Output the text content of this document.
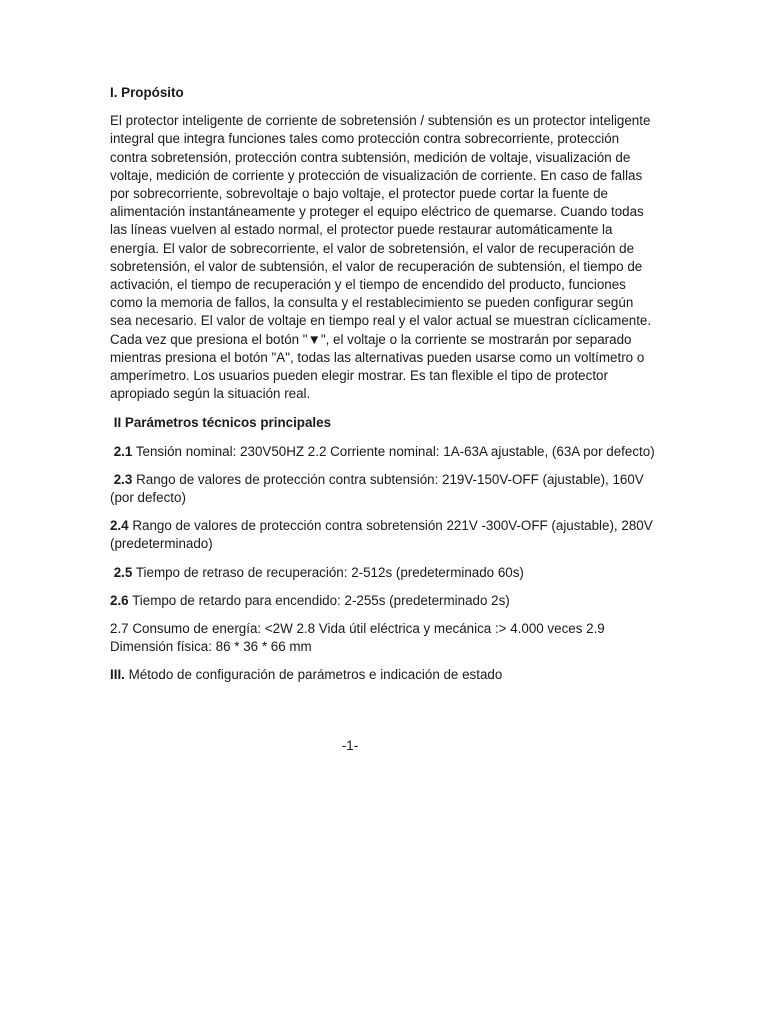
I. Propósito

El protector inteligente de corriente de sobretensión / subtensión es un protector inteligente integral que integra funciones tales como protección contra sobrecorriente, protección contra sobretensión, protección contra subtensión, medición de voltaje, visualización de voltaje, medición de corriente y protección de visualización de corriente. En caso de fallas por sobrecorriente, sobrevoltaje o bajo voltaje, el protector puede cortar la fuente de alimentación instantáneamente y proteger el equipo eléctrico de quemarse. Cuando todas las líneas vuelven al estado normal, el protector puede restaurar automáticamente la energía. El valor de sobrecorriente, el valor de sobretensión, el valor de recuperación de sobretensión, el valor de subtensión, el valor de recuperación de subtensión, el tiempo de activación, el tiempo de recuperación y el tiempo de encendido del producto, funciones como la memoria de fallos, la consulta y el restablecimiento se pueden configurar según sea necesario. El valor de voltaje en tiempo real y el valor actual se muestran cíclicamente. Cada vez que presiona el botón "▼", el voltaje o la corriente se mostrarán por separado mientras presiona el botón "A", todas las alternativas pueden usarse como un voltímetro o amperímetro. Los usuarios pueden elegir mostrar. Es tan flexible el tipo de protector apropiado según la situación real.

II Parámetros técnicos principales

2.1 Tensión nominal: 230V50HZ 2.2 Corriente nominal: 1A-63A ajustable, (63A por defecto)

2.3 Rango de valores de protección contra subtensión: 219V-150V-OFF (ajustable), 160V (por defecto)

2.4 Rango de valores de protección contra sobretensión 221V -300V-OFF (ajustable), 280V (predeterminado)

2.5 Tiempo de retraso de recuperación: 2-512s (predeterminado 60s)

2.6 Tiempo de retardo para encendido: 2-255s (predeterminado 2s)

2.7 Consumo de energía: <2W 2.8 Vida útil eléctrica y mecánica :> 4.000 veces 2.9 Dimensión física: 86 * 36 * 66 mm

III. Método de configuración de parámetros e indicación de estado

-1-
